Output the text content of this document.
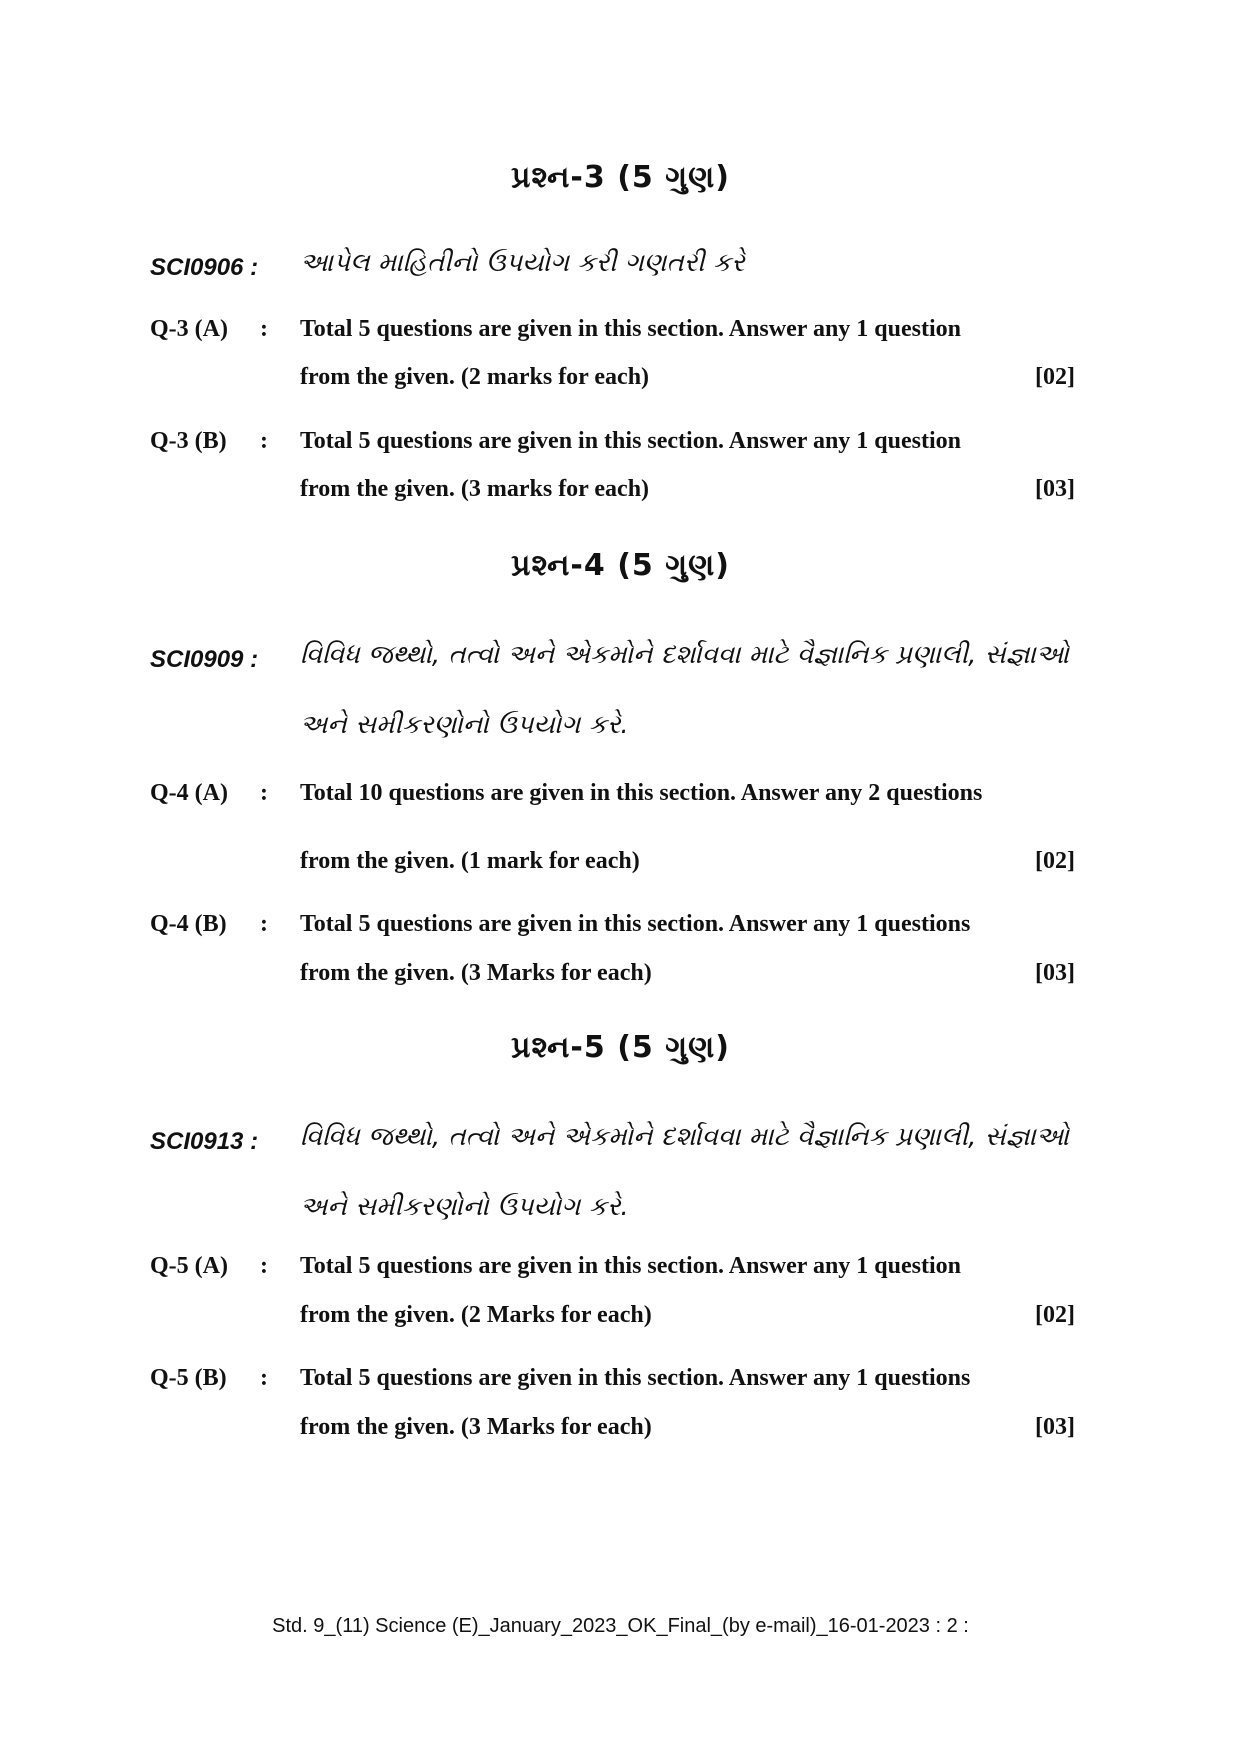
પ્રશ્ન-3 (5 ગુણ)
SCI0906 : આપેલ માહિતીનો ઉપયોગ કરી ગણતરી કરે
Q-3 (A) : Total 5 questions are given in this section. Answer any 1 question
from the given. (2 marks for each)	[02]
Q-3 (B) : Total 5 questions are given in this section. Answer any 1 question
from the given. (3 marks for each)	[03]
પ્રશ્ન-4 (5 ગુણ)
SCI0909 : વિવિધ જથ્થો, તત્વો અને એકમોને દર્શાવવા માટે વૈજ્ઞાનિક પ્રણાલી, સંજ્ઞાઓ અને સમીકરણોનો ઉપયોગ કરે.
Q-4 (A) : Total 10 questions are given in this section. Answer any 2 questions
from the given. (1 mark for each)	[02]
Q-4 (B) : Total 5 questions are given in this section. Answer any 1 questions
from the given. (3 Marks for each)	[03]
પ્રશ્ન-5 (5 ગુણ)
SCI0913 : વિવિધ જથ્થો, તત્વો અને એકમોને દર્શાવવા માટે વૈજ્ઞાનિક પ્રણાલી, સંજ્ઞાઓ અને સમીકરણોનો ઉપયોગ કરે.
Q-5 (A) : Total 5 questions are given in this section. Answer any 1 question
from the given. (2 Marks for each)	[02]
Q-5 (B) : Total 5 questions are given in this section. Answer any 1 questions
from the given. (3 Marks for each)	[03]
Std. 9_(11) Science (E)_January_2023_OK_Final_(by e-mail)_16-01-2023 : 2 :
